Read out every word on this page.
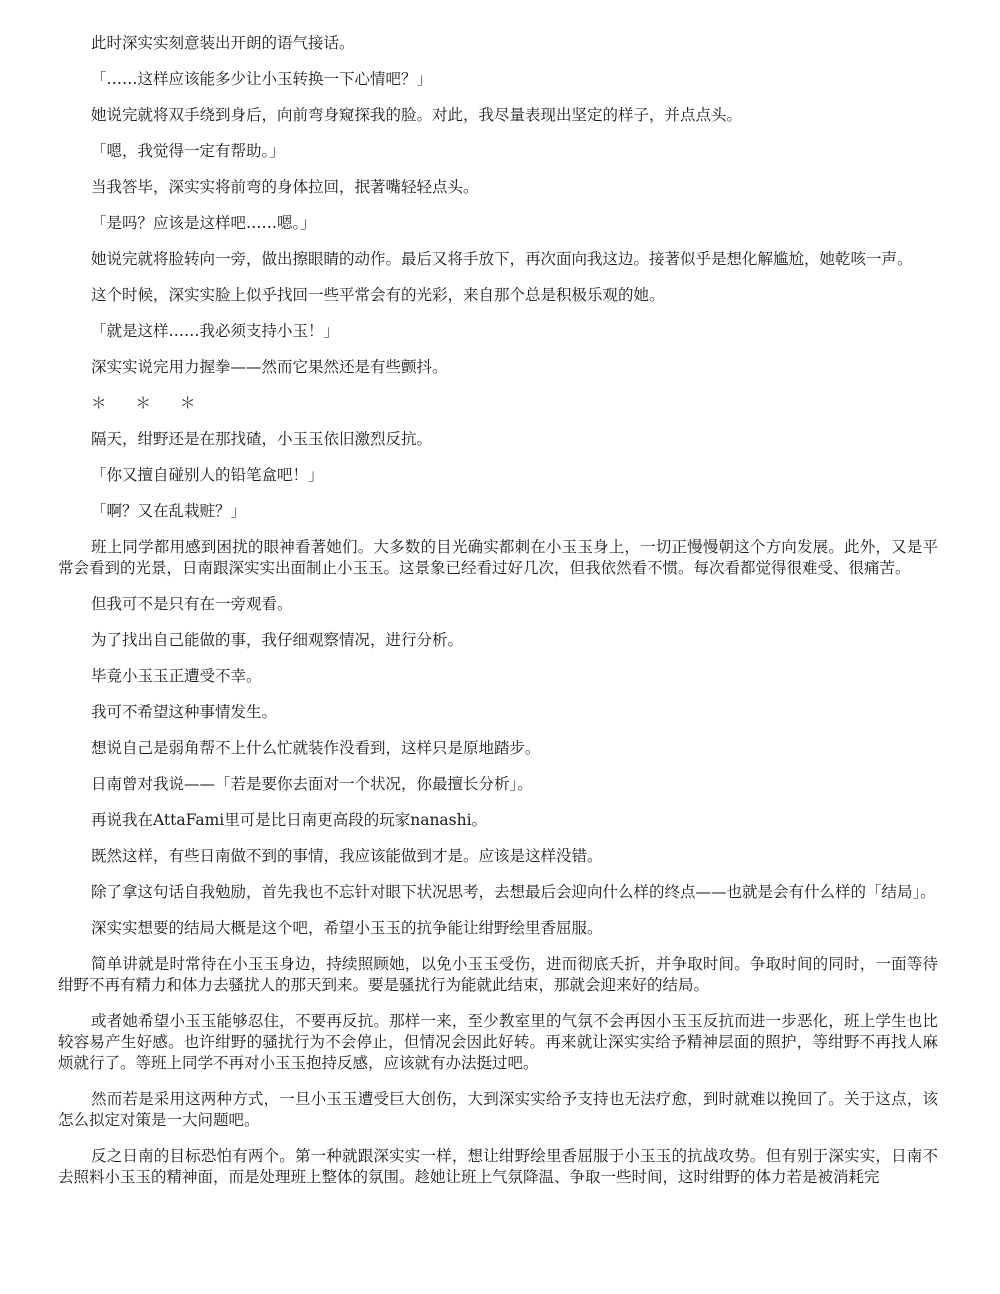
此时深实实刻意装出开朗的语气接话。

「……这样应该能多少让小玉转换一下心情吧？」

她说完就将双手绕到身后，向前弯身窥探我的脸。对此，我尽量表现出坚定的样子，并点点头。

「嗯，我觉得一定有帮助。」

当我答毕，深实实将前弯的身体拉回，抿著嘴轻轻点头。

「是吗？应该是这样吧……嗯。」

她说完就将脸转向一旁，做出擦眼睛的动作。最后又将手放下，再次面向我这边。接著似乎是想化解尴尬，她乾咳一声。

这个时候，深实实脸上似乎找回一些平常会有的光彩，来自那个总是积极乐观的她。

「就是这样……我必须支持小玉！」

深实实说完用力握拳——然而它果然还是有些颤抖。

＊ ＊ ＊

隔天，绀野还是在那找碴，小玉玉依旧激烈反抗。

「你又擅自碰别人的铅笔盒吧！」

「啊？又在乱栽赃？」

班上同学都用感到困扰的眼神看著她们。大多数的目光确实都刺在小玉玉身上，一切正慢慢朝这个方向发展。此外，又是平常会看到的光景，日南跟深实实出面制止小玉玉。这景象已经看过好几次，但我依然看不惯。每次看都觉得很难受、很痛苦。

但我可不是只有在一旁观看。

为了找出自己能做的事，我仔细观察情况，进行分析。

毕竟小玉玉正遭受不幸。

我可不希望这种事情发生。

想说自己是弱角帮不上什么忙就装作没看到，这样只是原地踏步。

日南曾对我说——「若是要你去面对一个状况，你最擅长分析」。

再说我在AttaFami里可是比日南更高段的玩家nanashi。

既然这样，有些日南做不到的事情，我应该能做到才是。应该是这样没错。

除了拿这句话自我勉励，首先我也不忘针对眼下状况思考，去想最后会迎向什么样的终点——也就是会有什么样的「结局」。

深实实想要的结局大概是这个吧，希望小玉玉的抗争能让绀野绘里香屈服。

简单讲就是时常待在小玉玉身边，持续照顾她，以免小玉玉受伤，进而彻底夭折，并争取时间。争取时间的同时，一面等待绀野不再有精力和体力去骚扰人的那天到来。要是骚扰行为能就此结束，那就会迎来好的结局。

或者她希望小玉玉能够忍住，不要再反抗。那样一来，至少教室里的气氛不会再因小玉玉反抗而进一步恶化，班上学生也比较容易产生好感。也许绀野的骚扰行为不会停止，但情况会因此好转。再来就让深实实给予精神层面的照护，等绀野不再找人麻烦就行了。等班上同学不再对小玉玉抱持反感，应该就有办法挺过吧。

然而若是采用这两种方式，一旦小玉玉遭受巨大创伤，大到深实实给予支持也无法疗愈，到时就难以挽回了。关于这点，该怎么拟定对策是一大问题吧。

反之日南的目标恐怕有两个。第一种就跟深实实一样，想让绀野绘里香屈服于小玉玉的抗战攻势。但有别于深实实，日南不去照料小玉玉的精神面，而是处理班上整体的氛围。趁她让班上气氛降温、争取一些时间，这时绀野的体力若是被消耗完
